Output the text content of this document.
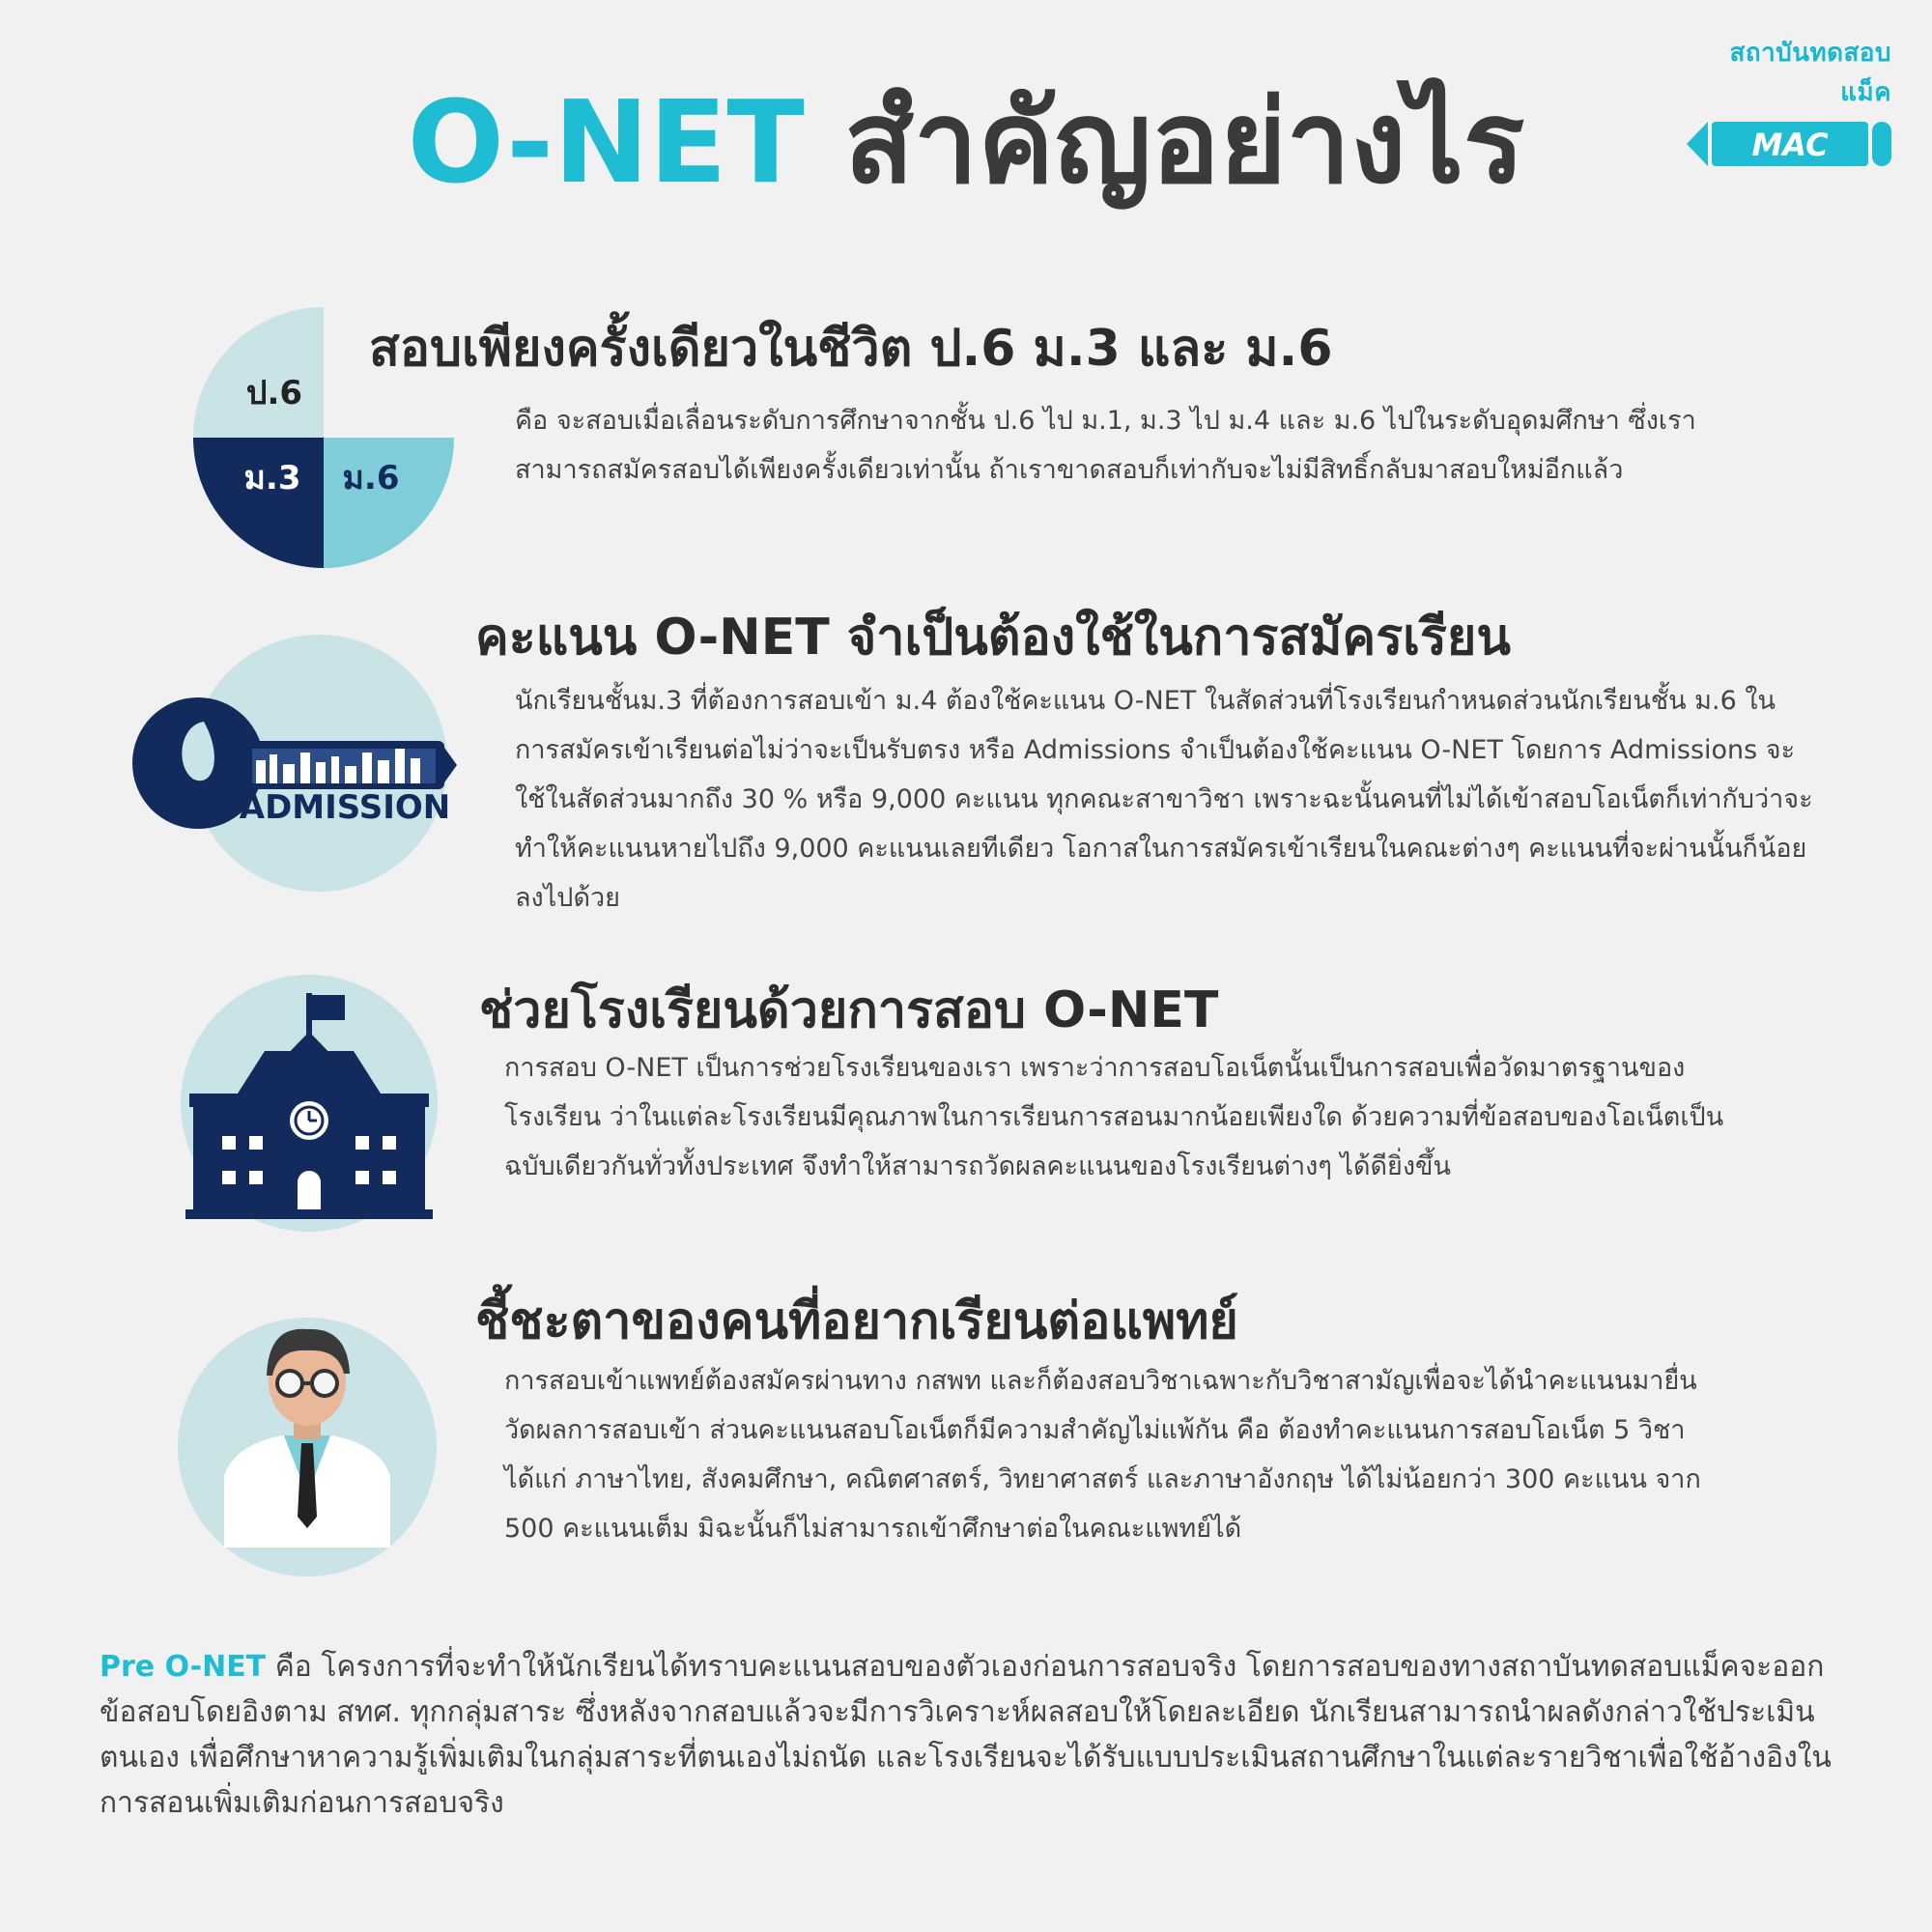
สถาบันทดสอบแม็ค
MAC
O-NET สำคัญอย่างไร
ป.6
ม.3 ม.6
สอบเพียงครั้งเดียวในชีวิต ป.6 ม.3 และ ม.6
คือ จะสอบเมื่อเลื่อนระดับการศึกษาจากชั้น ป.6 ไป ม.1, ม.3 ไป ม.4 และ ม.6 ไปในระดับอุดมศึกษา ซึ่งเราสามารถสมัครสอบได้เพียงครั้งเดียวเท่านั้น ถ้าเราขาดสอบก็เท่ากับจะไม่มีสิทธิ์กลับมาสอบใหม่อีกแล้ว
ADMISSION
คะแนน O-NET จำเป็นต้องใช้ในการสมัครเรียน
นักเรียนชั้นม.3 ที่ต้องการสอบเข้า ม.4 ต้องใช้คะแนน O-NET ในสัดส่วนที่โรงเรียนกำหนดส่วนนักเรียนชั้น ม.6 ในการสมัครเข้าเรียนต่อไม่ว่าจะเป็นรับตรง หรือ Admissions จำเป็นต้องใช้คะแนน O-NET โดยการ Admissions จะใช้ในสัดส่วนมากถึง 30 % หรือ 9,000 คะแนน ทุกคณะสาขาวิชา เพราะฉะนั้นคนที่ไม่ได้เข้าสอบโอเน็ตก็เท่ากับว่าจะทำให้คะแนนหายไปถึง 9,000 คะแนนเลยทีเดียว โอกาสในการสมัครเข้าเรียนในคณะต่างๆ คะแนนที่จะผ่านนั้นก็น้อยลงไปด้วย
ช่วยโรงเรียนด้วยการสอบ O-NET
การสอบ O-NET เป็นการช่วยโรงเรียนของเรา เพราะว่าการสอบโอเน็ตนั้นเป็นการสอบเพื่อวัดมาตรฐานของโรงเรียน ว่าในแต่ละโรงเรียนมีคุณภาพในการเรียนการสอนมากน้อยเพียงใด ด้วยความที่ข้อสอบของโอเน็ตเป็นฉบับเดียวกันทั่วทั้งประเทศ จึงทำให้สามารถวัดผลคะแนนของโรงเรียนต่างๆ ได้ดียิ่งขึ้น
ชี้ชะตาของคนที่อยากเรียนต่อแพทย์
การสอบเข้าแพทย์ต้องสมัครผ่านทาง กสพท และก็ต้องสอบวิชาเฉพาะกับวิชาสามัญเพื่อจะได้นำคะแนนมายื่นวัดผลการสอบเข้า ส่วนคะแนนสอบโอเน็ตก็มีความสำคัญไม่แพ้กัน คือ ต้องทำคะแนนการสอบโอเน็ต 5 วิชา ได้แก่ ภาษาไทย, สังคมศึกษา, คณิตศาสตร์, วิทยาศาสตร์ และภาษาอังกฤษ ได้ไม่น้อยกว่า 300 คะแนน จาก 500 คะแนนเต็ม มิฉะนั้นก็ไม่สามารถเข้าศึกษาต่อในคณะแพทย์ได้
Pre O-NET คือ โครงการที่จะทำให้นักเรียนได้ทราบคะแนนสอบของตัวเองก่อนการสอบจริง โดยการสอบของทางสถาบันทดสอบแม็คจะออกข้อสอบโดยอิงตาม สทศ. ทุกกลุ่มสาระ ซึ่งหลังจากสอบแล้วจะมีการวิเคราะห์ผลสอบให้โดยละเอียด นักเรียนสามารถนำผลดังกล่าวใช้ประเมินตนเอง เพื่อศึกษาหาความรู้เพิ่มเติมในกลุ่มสาระที่ตนเองไม่ถนัด และโรงเรียนจะได้รับแบบประเมินสถานศึกษาในแต่ละรายวิชาเพื่อใช้อ้างอิงในการสอนเพิ่มเติมก่อนการสอบจริง
